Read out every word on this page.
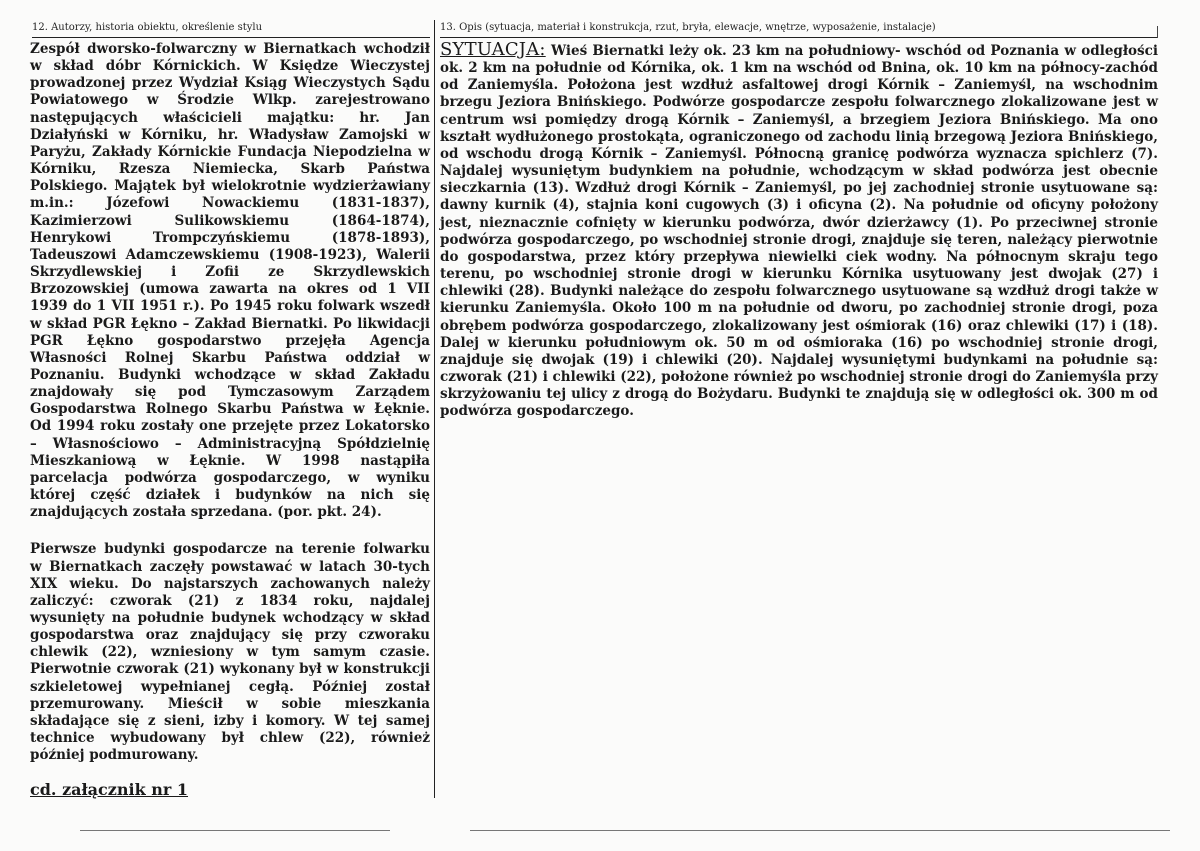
12. Autorzy, historia obiektu, określenie stylu

Zespół dworsko-folwarczny w Biernatkach wchodził w skład dóbr Kórnickich. W Księdze Wieczystej prowadzonej przez Wydział Ksiąg Wieczystych Sądu Powiatowego w Środzie Wlkp. zarejestrowano następujących właścicieli majątku: hr. Jan Działyński w Kórniku, hr. Władysław Zamojski w Paryżu, Zakłady Kórnickie Fundacja Niepodzielna w Kórniku, Rzesza Niemiecka, Skarb Państwa Polskiego. Majątek był wielokrotnie wydzierżawiany m.in.: Józefowi Nowackiemu (1831-1837), Kazimierzowi Sulikowskiemu (1864-1874), Henrykowi Trompczyńskiemu (1878-1893), Tadeuszowi Adamczewskiemu (1908-1923), Walerii Skrzydlewskiej i Zofii ze Skrzydlewskich Brzozowskiej (umowa zawarta na okres od 1 VII 1939 do 1 VII 1951 r.). Po 1945 roku folwark wszedł w skład PGR Łękno – Zakład Biernatki. Po likwidacji PGR Łękno gospodarstwo przejęła Agencja Własności Rolnej Skarbu Państwa oddział w Poznaniu. Budynki wchodzące w skład Zakładu znajdowały się pod Tymczasowym Zarządem Gospodarstwa Rolnego Skarbu Państwa w Łęknie. Od 1994 roku zostały one przejęte przez Lokatorsko – Własnościowo – Administracyjną Spółdzielnię Mieszkaniową w Łęknie. W 1998 nastąpiła parcelacja podwórza gospodarczego, w wyniku której część działek i budynków na nich się znajdujących została sprzedana. (por. pkt. 24).

Pierwsze budynki gospodarcze na terenie folwarku w Biernatkach zaczęły powstawać w latach 30-tych XIX wieku. Do najstarszych zachowanych należy zaliczyć: czworak (21) z 1834 roku, najdalej wysunięty na południe budynek wchodzący w skład gospodarstwa oraz znajdujący się przy czworaku chlewik (22), wzniesiony w tym samym czasie. Pierwotnie czworak (21) wykonany był w konstrukcji szkieletowej wypełnianej cegłą. Później został przemurowany. Mieścił w sobie mieszkania składające się z sieni, izby i komory. W tej samej technice wybudowany był chlew (22), również później podmurowany.

13. Opis (sytuacja, materiał i konstrukcja, rzut, bryła, elewacje, wnętrze, wyposażenie, instalacje)

SYTUACJA: Wieś Biernatki leży ok. 23 km na południowy- wschód od Poznania w odległości ok. 2 km na południe od Kórnika, ok. 1 km na wschód od Bnina, ok. 10 km na północy-zachód od Zaniemyśla. Położona jest wzdłuż asfaltowej drogi Kórnik – Zaniemyśl, na wschodnim brzegu Jeziora Bnińskiego. Podwórze gospodarcze zespołu folwarcznego zlokalizowane jest w centrum wsi pomiędzy drogą Kórnik – Zaniemyśl, a brzegiem Jeziora Bnińskiego. Ma ono kształt wydłużonego prostokąta, ograniczonego od zachodu linią brzegową Jeziora Bnińskiego, od wschodu drogą Kórnik – Zaniemyśl. Północną granicę podwórza wyznacza spichlerz (7). Najdalej wysuniętym budynkiem na południe, wchodzącym w skład podwórza jest obecnie sieczkarnia (13). Wzdłuż drogi Kórnik – Zaniemyśl, po jej zachodniej stronie usytuowane są: dawny kurnik (4), stajnia koni cugowych (3) i oficyna (2). Na południe od oficyny położony jest, nieznacznie cofnięty w kierunku podwórza, dwór dzierżawcy (1). Po przeciwnej stronie podwórza gospodarczego, po wschodniej stronie drogi, znajduje się teren, należący pierwotnie do gospodarstwa, przez który przepływa niewielki ciek wodny. Na północnym skraju tego terenu, po wschodniej stronie drogi w kierunku Kórnika usytuowany jest dwojak (27) i chlewiki (28). Budynki należące do zespołu folwarcznego usytuowane są wzdłuż drogi także w kierunku Zaniemyśla. Około 100 m na południe od dworu, po zachodniej stronie drogi, poza obrębem podwórza gospodarczego, zlokalizowany jest ośmiorak (16) oraz chlewiki (17) i (18). Dalej w kierunku południowym ok. 50 m od ośmioraka (16) po wschodniej stronie drogi, znajduje się dwojak (19) i chlewiki (20). Najdalej wysuniętymi budynkami na południe są: czworak (21) i chlewiki (22), położone również po wschodniej stronie drogi do Zaniemyśla przy skrzyżowaniu tej ulicy z drogą do Bożydaru. Budynki te znajdują się w odległości ok. 300 m od podwórza gospodarczego.

cd. załącznik nr 1
